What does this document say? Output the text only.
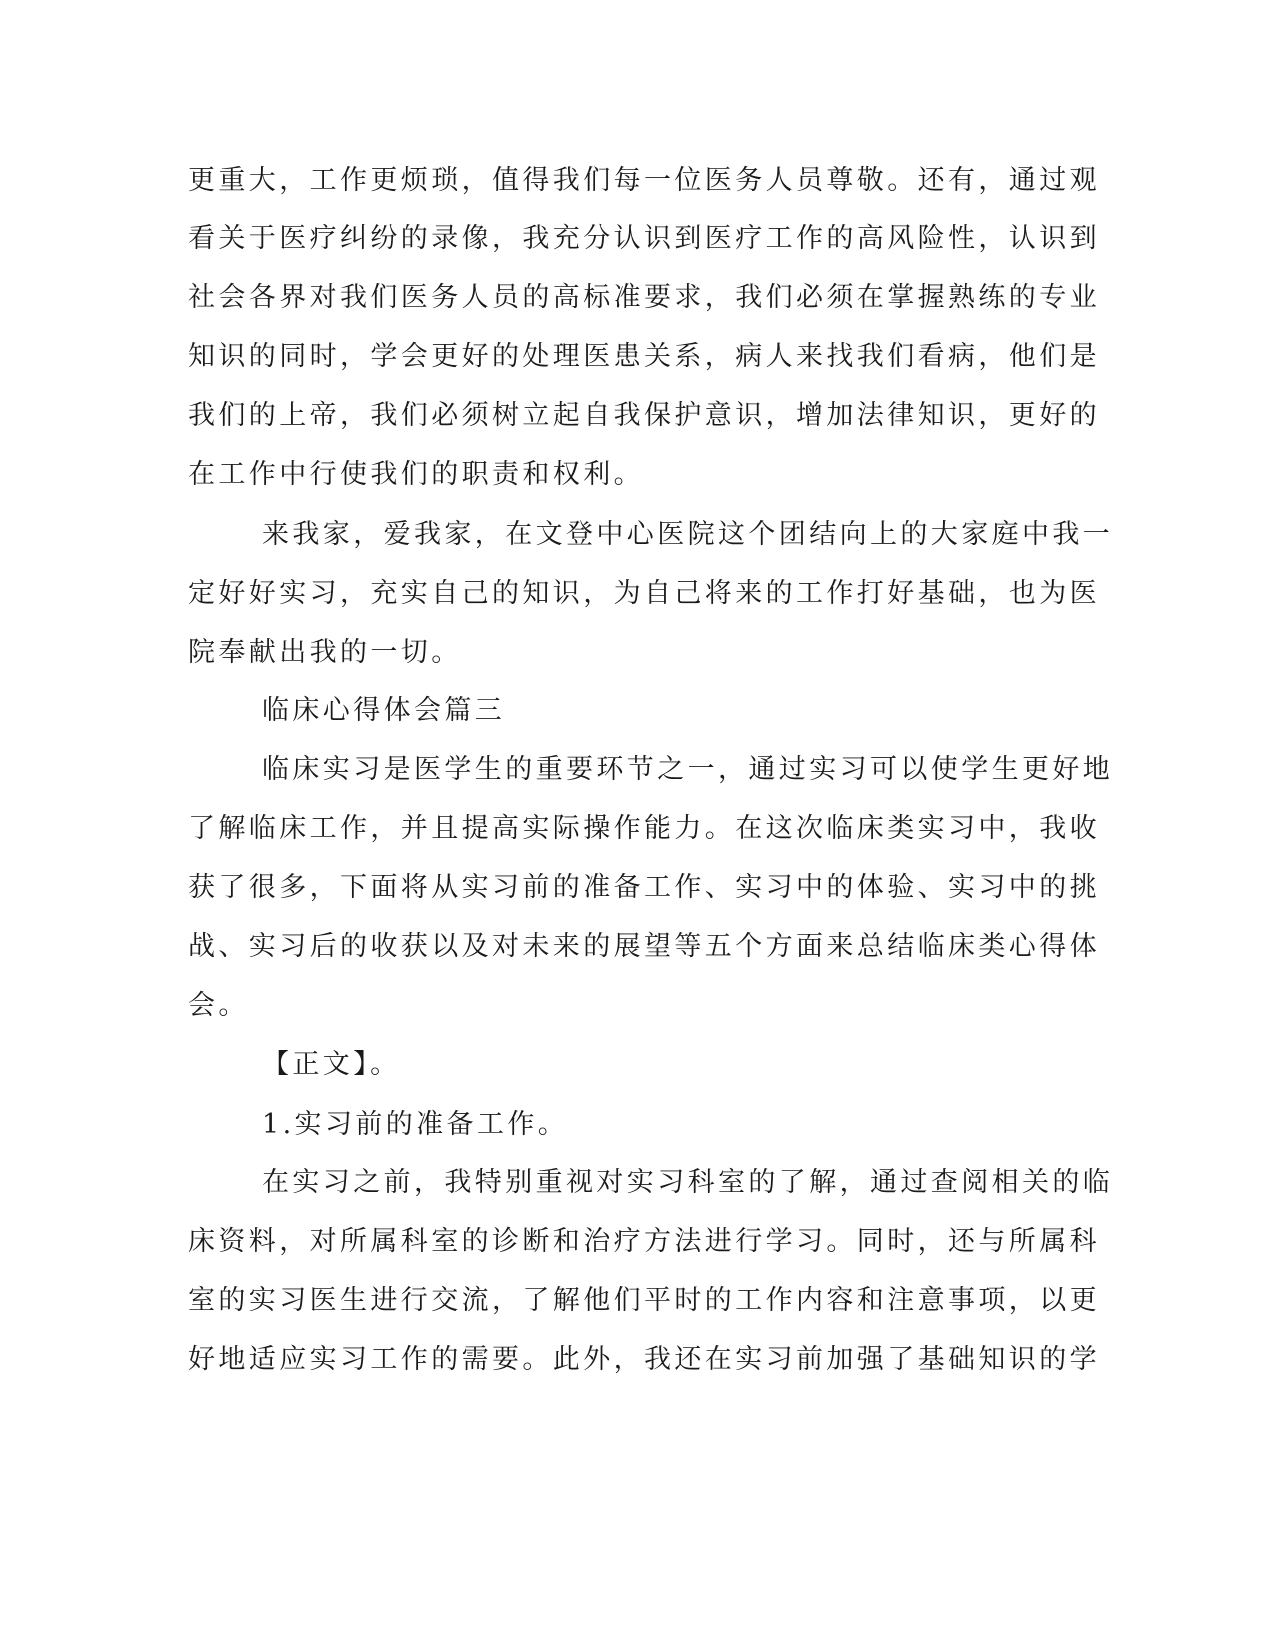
更重大，工作更烦琐，值得我们每一位医务人员尊敬。还有，通过观
看关于医疗纠纷的录像，我充分认识到医疗工作的高风险性，认识到
社会各界对我们医务人员的高标准要求，我们必须在掌握熟练的专业
知识的同时，学会更好的处理医患关系，病人来找我们看病，他们是
我们的上帝，我们必须树立起自我保护意识，增加法律知识，更好的
在工作中行使我们的职责和权利。
来我家，爱我家，在文登中心医院这个团结向上的大家庭中我一
定好好实习，充实自己的知识，为自己将来的工作打好基础，也为医
院奉献出我的一切。
临床心得体会篇三
临床实习是医学生的重要环节之一，通过实习可以使学生更好地
了解临床工作，并且提高实际操作能力。在这次临床类实习中，我收
获了很多，下面将从实习前的准备工作、实习中的体验、实习中的挑
战、实习后的收获以及对未来的展望等五个方面来总结临床类心得体
会。
【正文】。
1.实习前的准备工作。
在实习之前，我特别重视对实习科室的了解，通过查阅相关的临
床资料，对所属科室的诊断和治疗方法进行学习。同时，还与所属科
室的实习医生进行交流，了解他们平时的工作内容和注意事项，以更
好地适应实习工作的需要。此外，我还在实习前加强了基础知识的学
